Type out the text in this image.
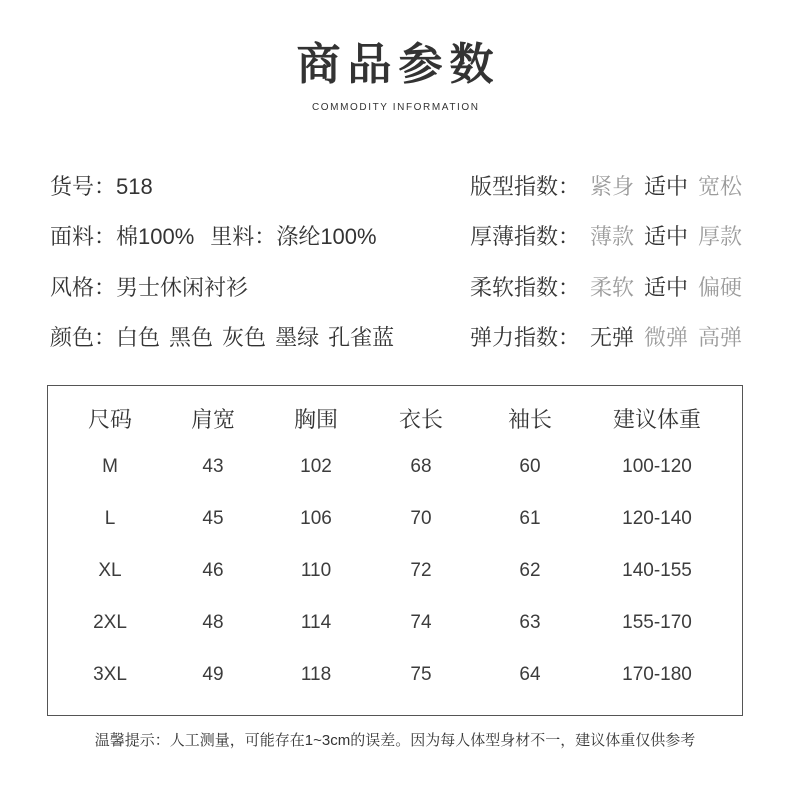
商品参数
COMMODITY INFORMATION
货号：518
面料：棉100% 里料：涤纶100%
风格：男士休闲衬衫
颜色：白色 黑色 灰色 墨绿 孔雀蓝
版型指数： 紧身 适中 宽松
厚薄指数： 薄款 适中 厚款
柔软指数： 柔软 适中 偏硬
弹力指数： 无弹 微弹 高弹
尺码	肩宽	胸围	衣长	袖长	建议体重
M	43	102	68	60	100-120
L	45	106	70	61	120-140
XL	46	110	72	62	140-155
2XL	48	114	74	63	155-170
3XL	49	118	75	64	170-180
温馨提示：人工测量，可能存在1~3cm的误差。因为每人体型身材不一，建议体重仅供参考
